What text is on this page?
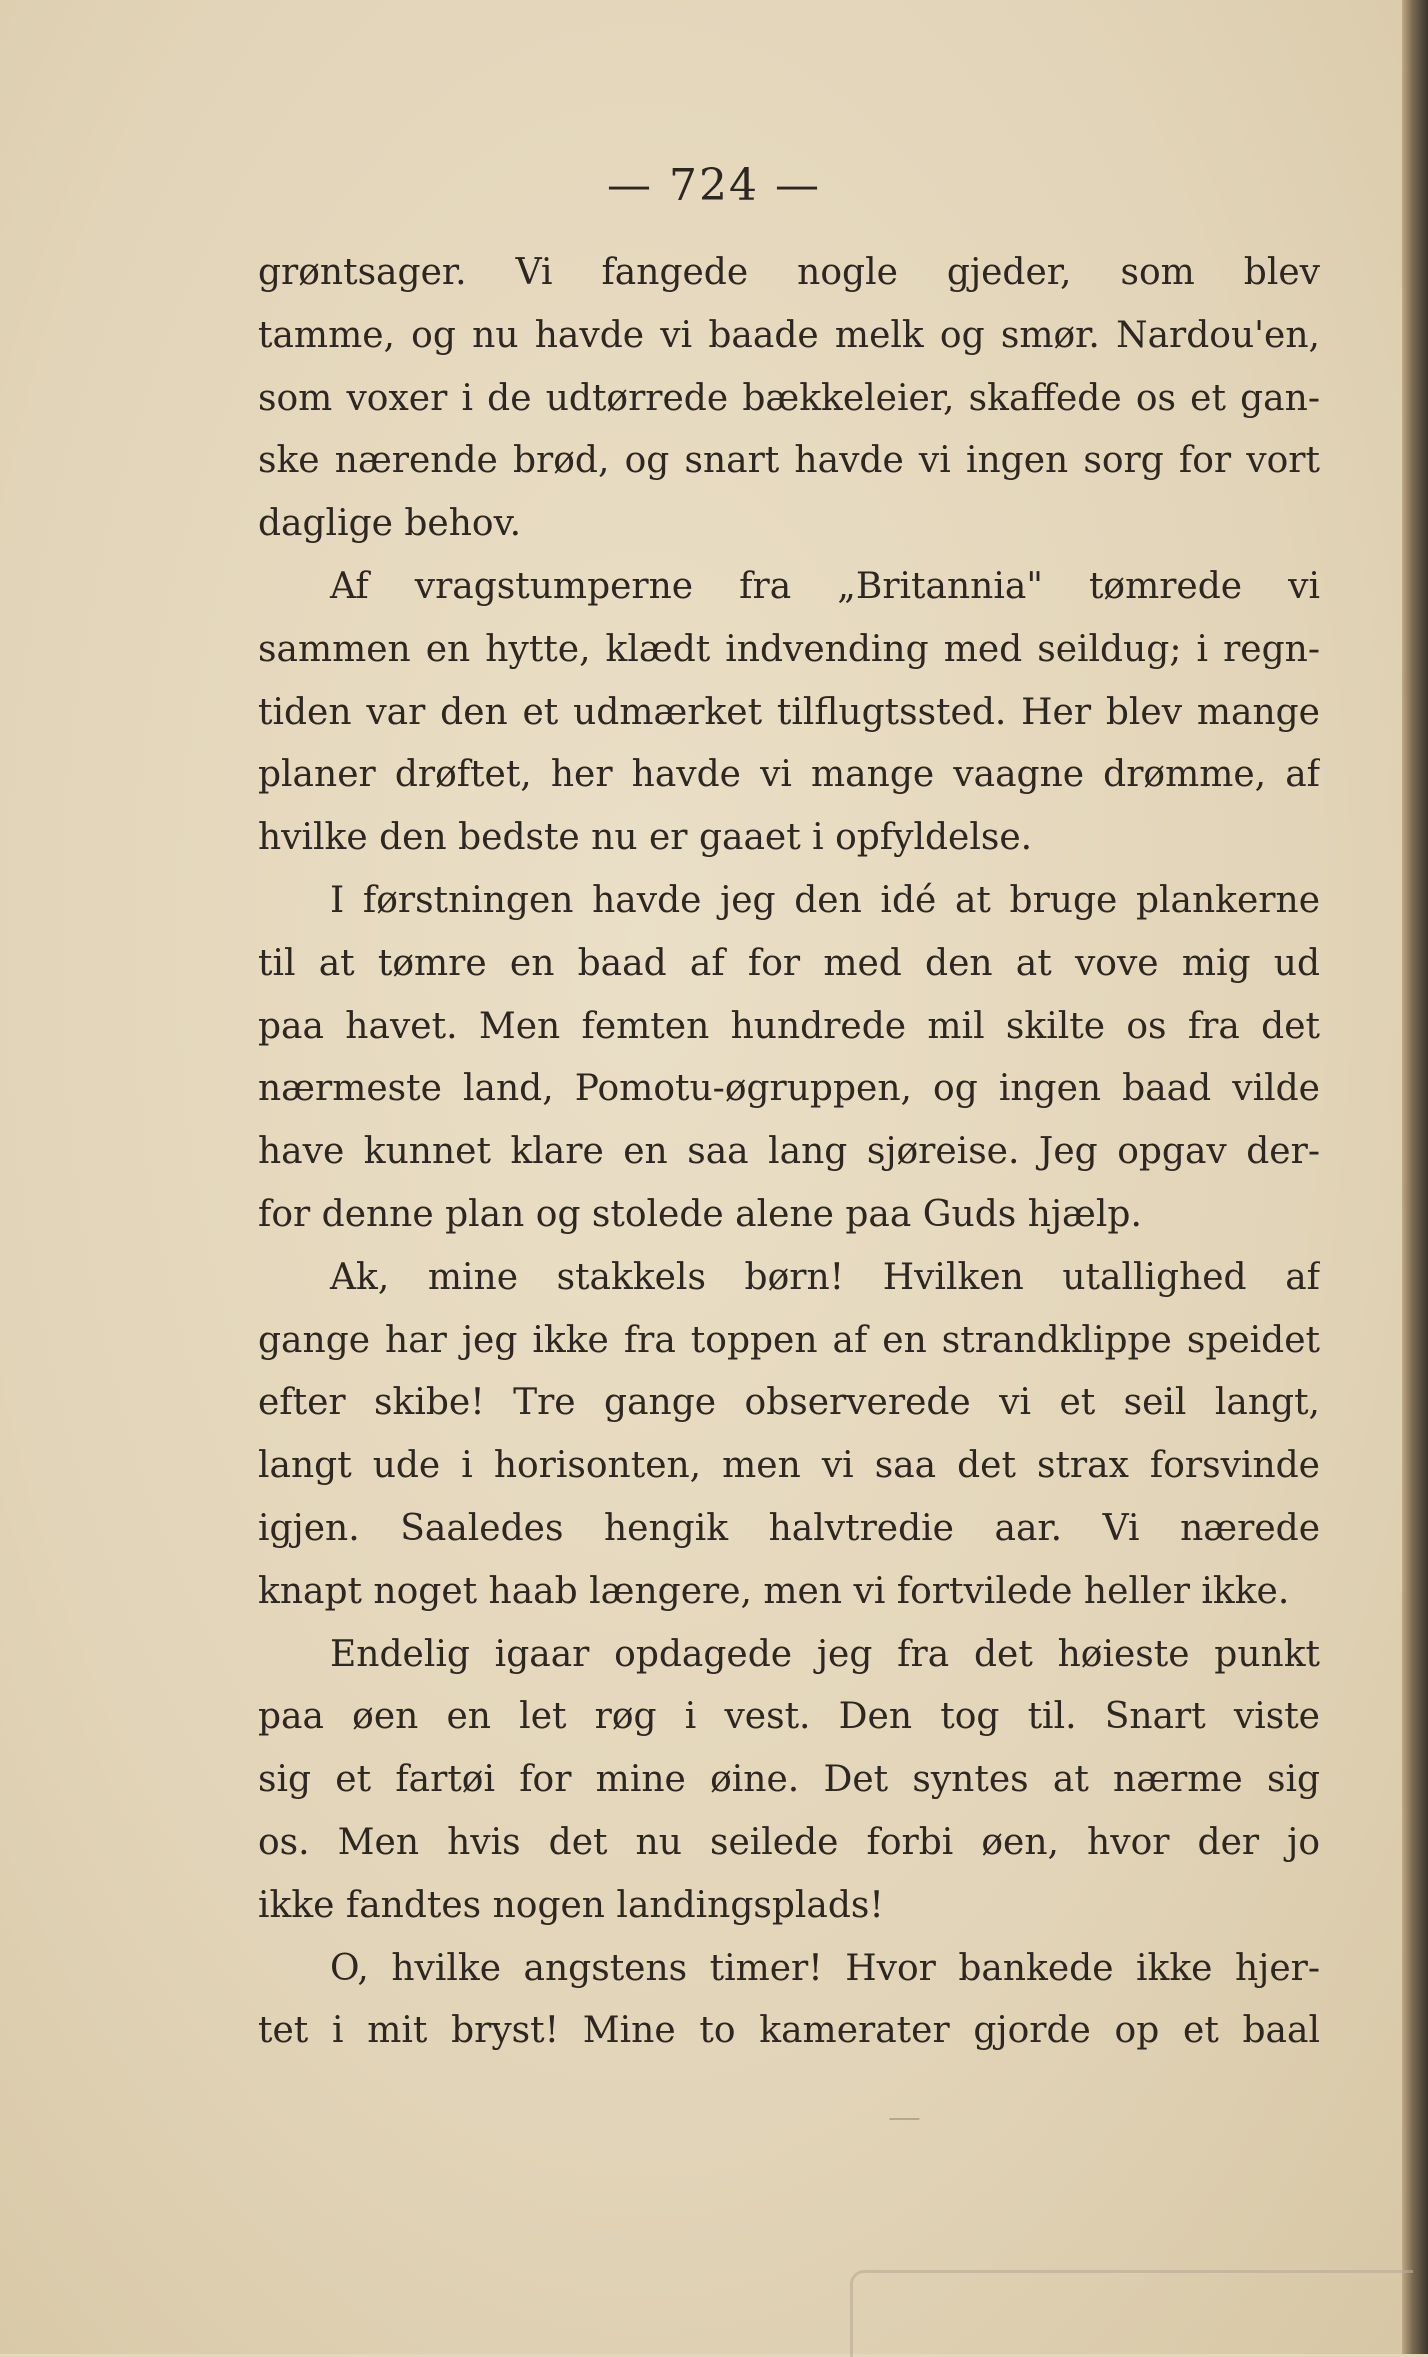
— 724 —
grøntsager. Vi fangede nogle gjeder, som blev
tamme, og nu havde vi baade melk og smør. Nardou'en,
som voxer i de udtørrede bækkeleier, skaffede os et gan-
ske nærende brød, og snart havde vi ingen sorg for vort
daglige behov.
Af vragstumperne fra „Britannia" tømrede vi
sammen en hytte, klædt indvending med seildug; i regn-
tiden var den et udmærket tilflugtssted. Her blev mange
planer drøftet, her havde vi mange vaagne drømme, af
hvilke den bedste nu er gaaet i opfyldelse.
I førstningen havde jeg den idé at bruge plankerne
til at tømre en baad af for med den at vove mig ud
paa havet. Men femten hundrede mil skilte os fra det
nærmeste land, Pomotu-øgruppen, og ingen baad vilde
have kunnet klare en saa lang sjøreise. Jeg opgav der-
for denne plan og stolede alene paa Guds hjælp.
Ak, mine stakkels børn! Hvilken utallighed af
gange har jeg ikke fra toppen af en strandklippe speidet
efter skibe! Tre gange observerede vi et seil langt,
langt ude i horisonten, men vi saa det strax forsvinde
igjen. Saaledes hengik halvtredie aar. Vi nærede
knapt noget haab længere, men vi fortvilede heller ikke.
Endelig igaar opdagede jeg fra det høieste punkt
paa øen en let røg i vest. Den tog til. Snart viste
sig et fartøi for mine øine. Det syntes at nærme sig
os. Men hvis det nu seilede forbi øen, hvor der jo
ikke fandtes nogen landingsplads!
O, hvilke angstens timer! Hvor bankede ikke hjer-
tet i mit bryst! Mine to kamerater gjorde op et baal
